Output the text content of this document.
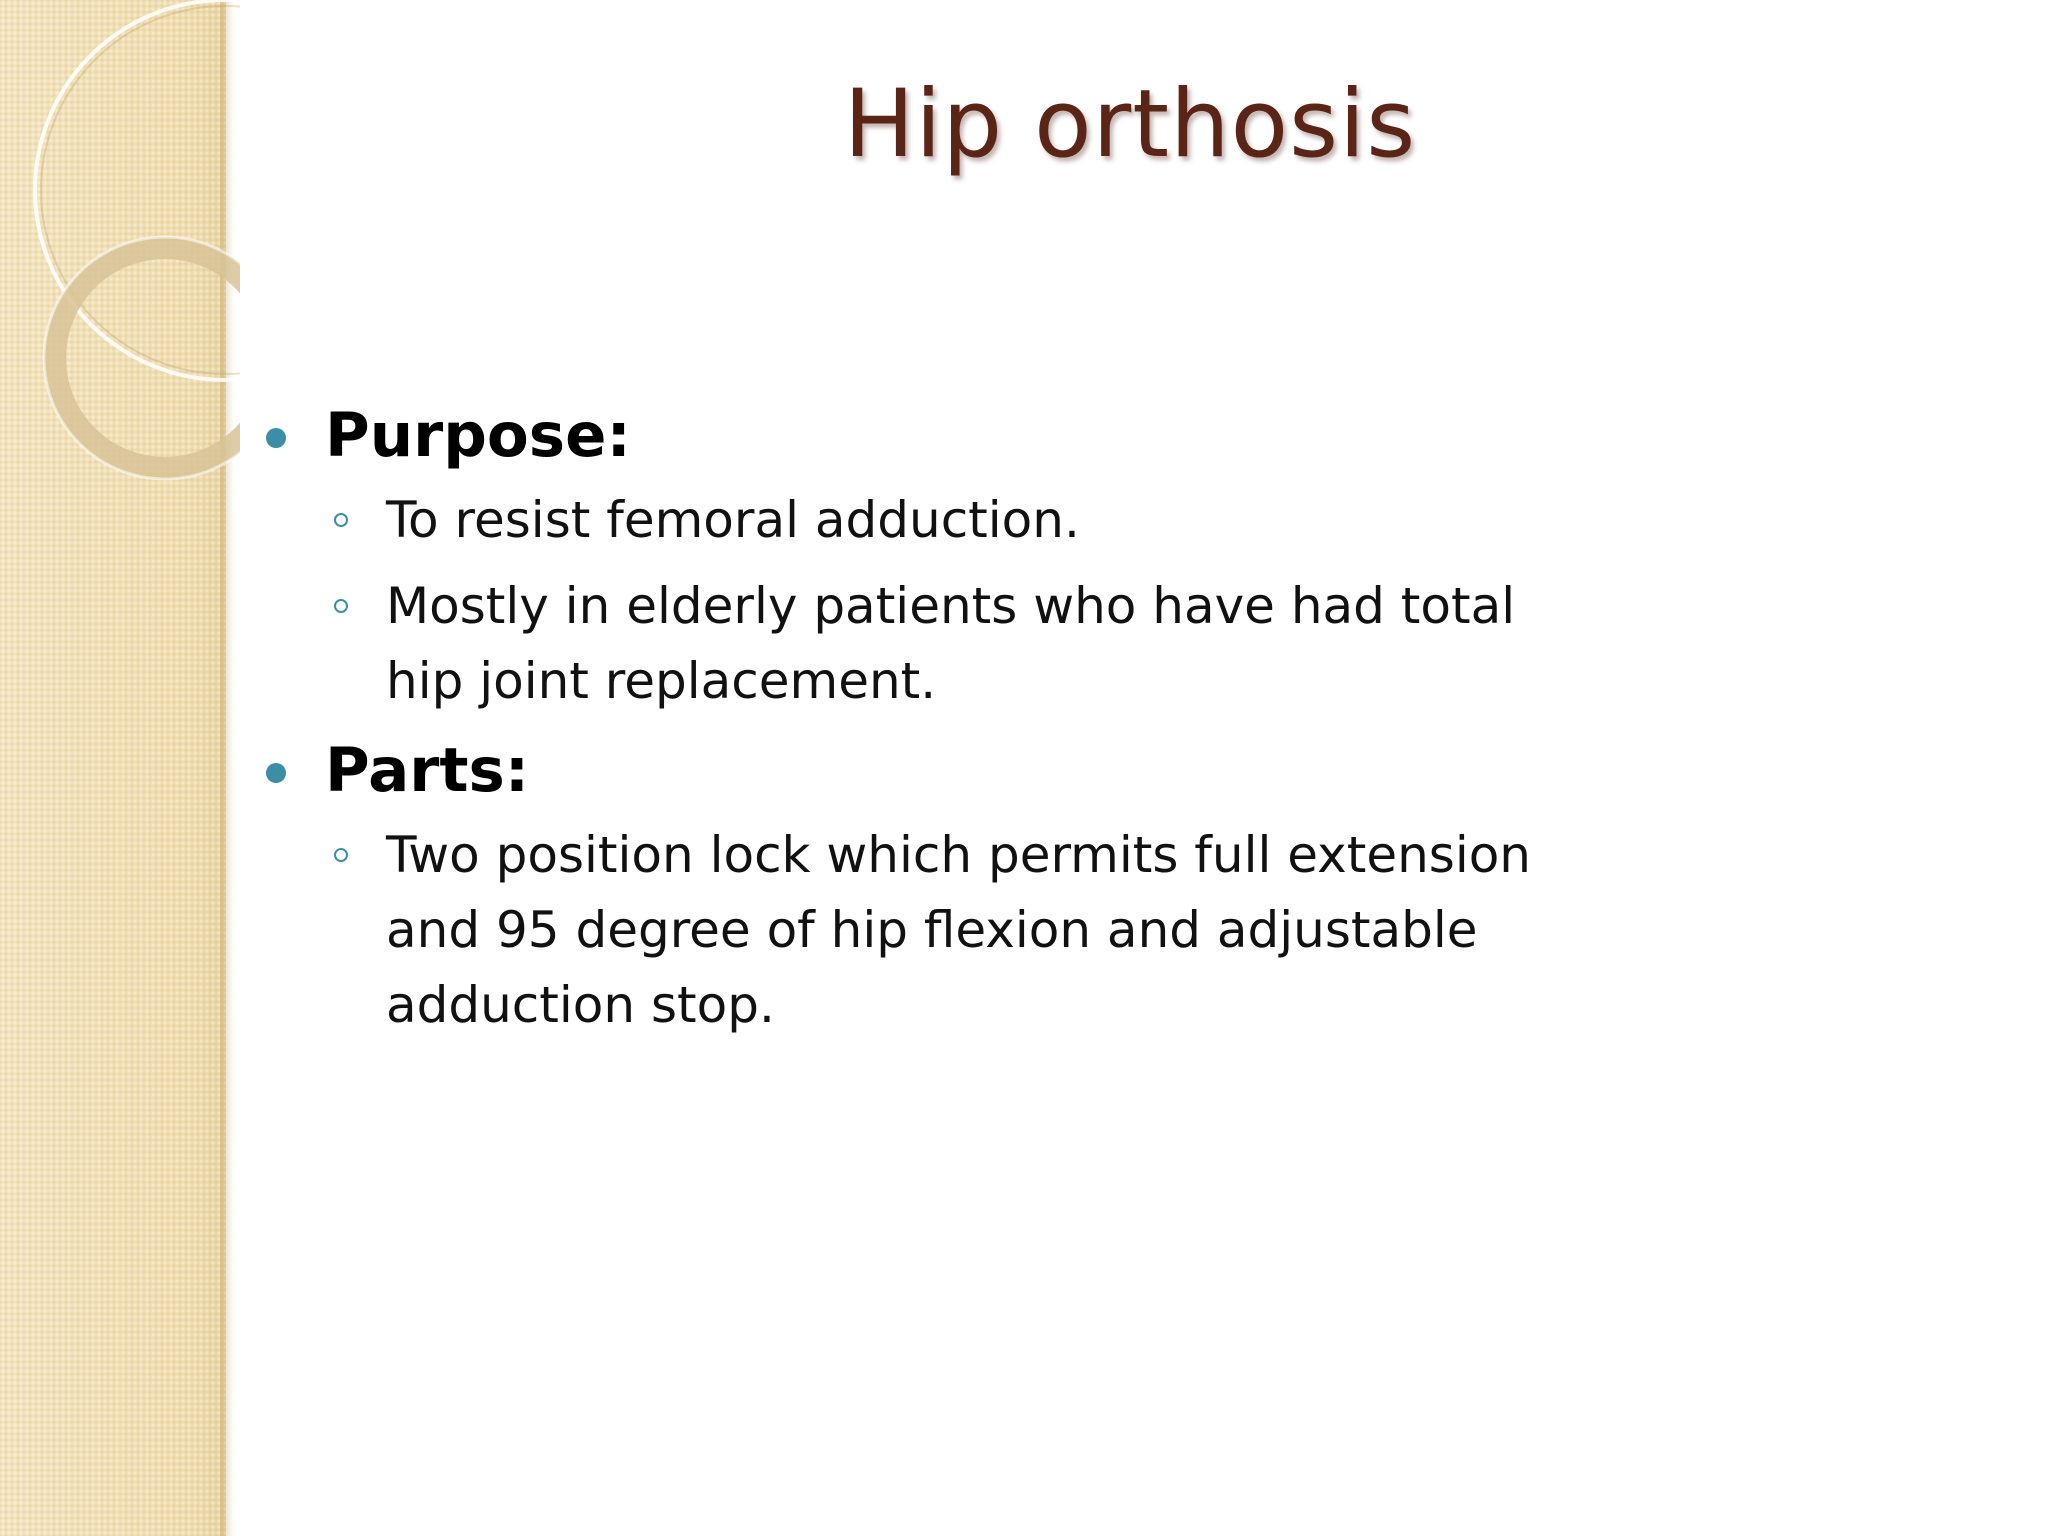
Hip orthosis
Purpose:
To resist femoral adduction.
Mostly in elderly patients who have had total
hip joint replacement.
Parts:
Two position lock which permits full extension
and 95 degree of hip flexion and adjustable
adduction stop.
